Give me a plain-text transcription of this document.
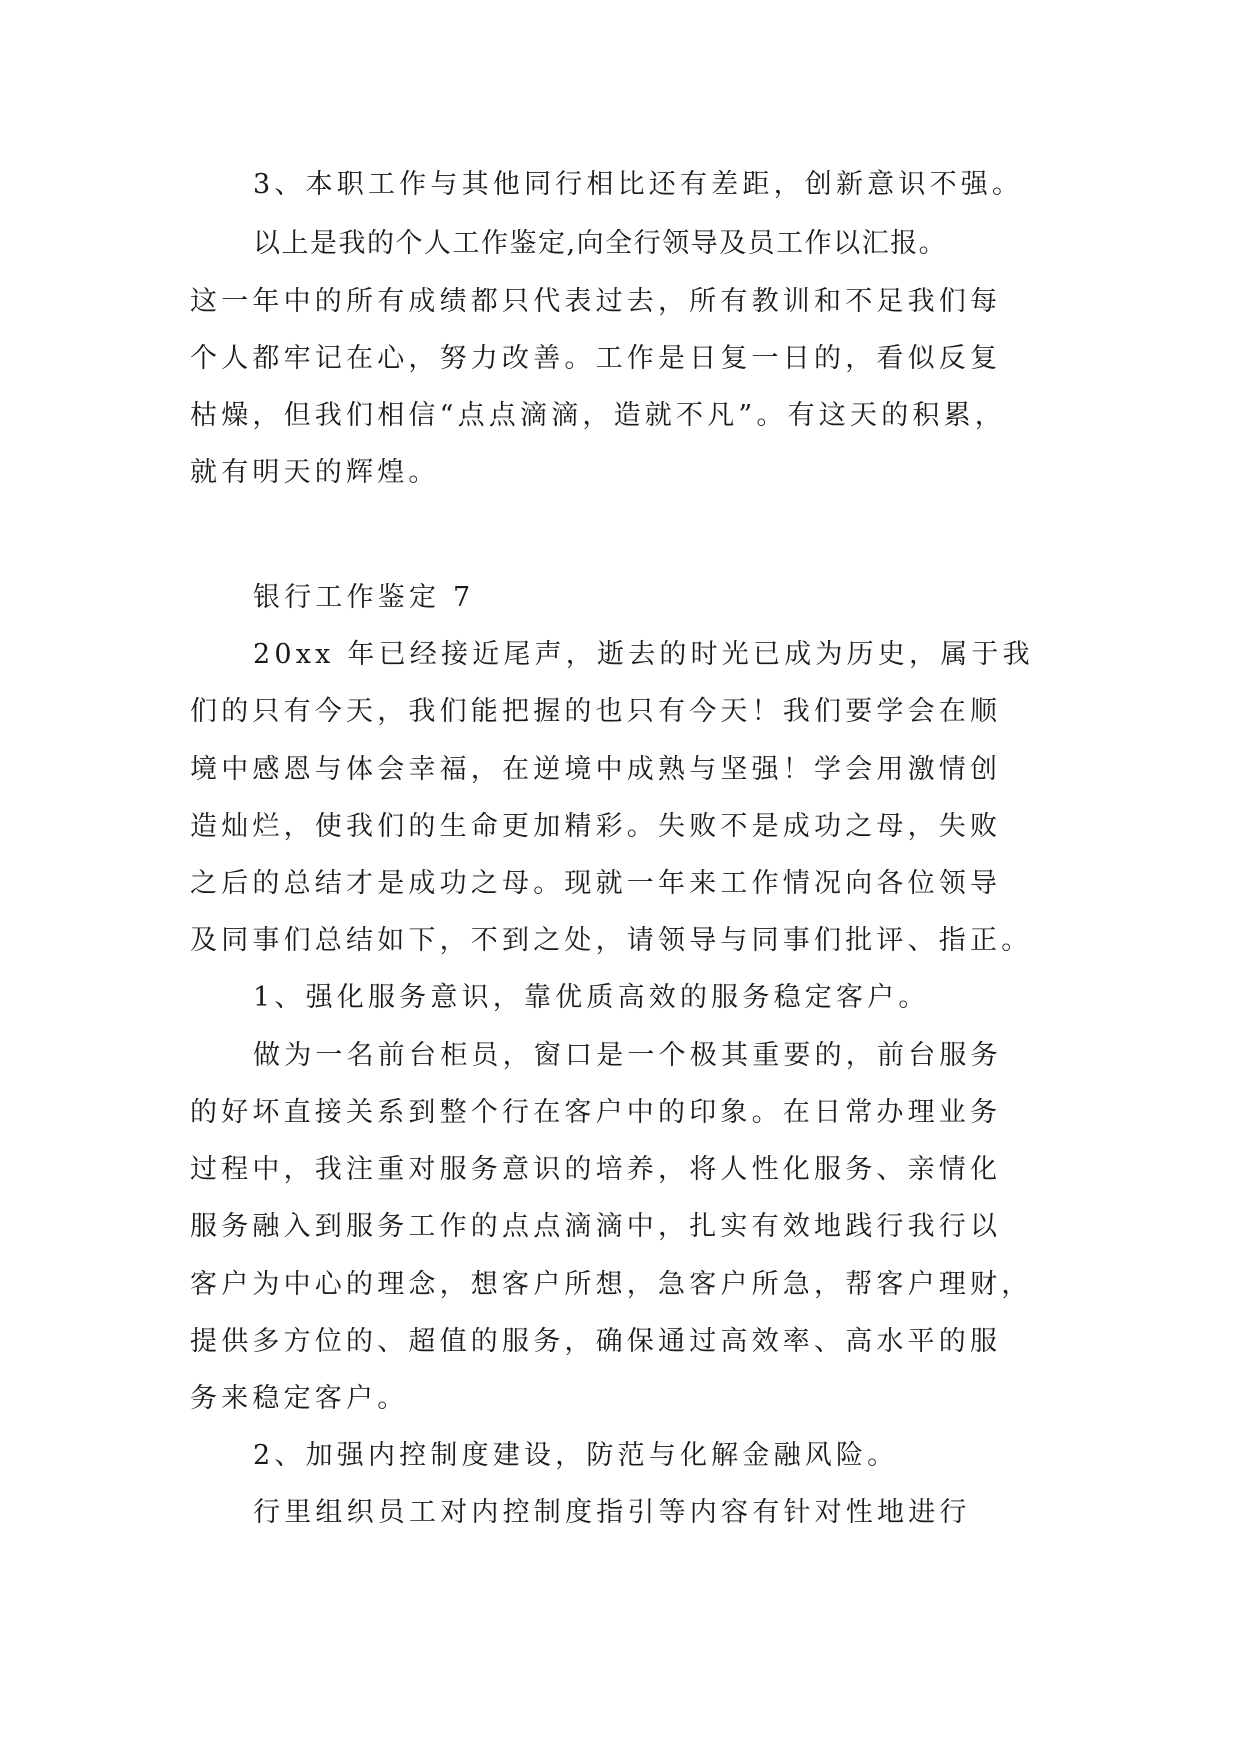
3、本职工作与其他同行相比还有差距，创新意识不强。
以上是我的个人工作鉴定,向全行领导及员工作以汇报。
这一年中的所有成绩都只代表过去，所有教训和不足我们每
个人都牢记在心，努力改善。工作是日复一日的，看似反复
枯燥，但我们相信“点点滴滴，造就不凡”。有这天的积累，
就有明天的辉煌。
银行工作鉴定 7
20xx 年已经接近尾声，逝去的时光已成为历史，属于我
们的只有今天，我们能把握的也只有今天！我们要学会在顺
境中感恩与体会幸福，在逆境中成熟与坚强！学会用激情创
造灿烂，使我们的生命更加精彩。失败不是成功之母，失败
之后的总结才是成功之母。现就一年来工作情况向各位领导
及同事们总结如下，不到之处，请领导与同事们批评、指正。
1、强化服务意识，靠优质高效的服务稳定客户。
做为一名前台柜员，窗口是一个极其重要的，前台服务
的好坏直接关系到整个行在客户中的印象。在日常办理业务
过程中，我注重对服务意识的培养，将人性化服务、亲情化
服务融入到服务工作的点点滴滴中，扎实有效地践行我行以
客户为中心的理念，想客户所想，急客户所急，帮客户理财，
提供多方位的、超值的服务，确保通过高效率、高水平的服
务来稳定客户。
2、加强内控制度建设，防范与化解金融风险。
行里组织员工对内控制度指引等内容有针对性地进行
